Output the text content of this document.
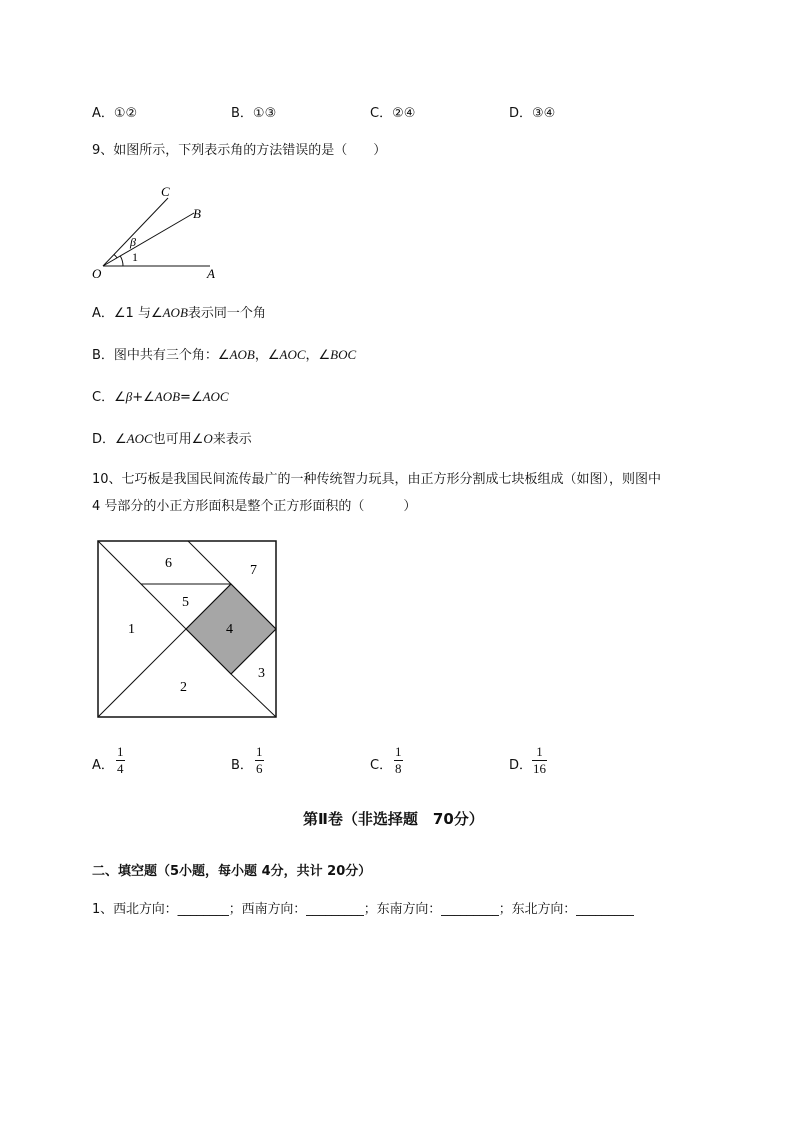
A．①②	B．①③	C．②④	D．③④
9、如图所示，下列表示角的方法错误的是（　　）
C
B
β
1
O	A
A．∠1 与∠AOB表示同一个角
B．图中共有三个角：∠AOB，∠AOC，∠BOC
C．∠β+∠AOB=∠AOC
D．∠AOC也可用∠O来表示
10、七巧板是我国民间流传最广的一种传统智力玩具，由正方形分割成七块板组成（如图），则图中
4 号部分的小正方形面积是整个正方形面积的（　　　）
6	7
5
1	4
3
2
A．
1
4	B．
1
6	C．
1
8	D．
1
16
第Ⅱ卷（非选择题　70分）
二、填空题（5小题，每小题 4分，共计 20分）
1、西北方向：________；西南方向：_________；东南方向：_________；东北方向：_________
